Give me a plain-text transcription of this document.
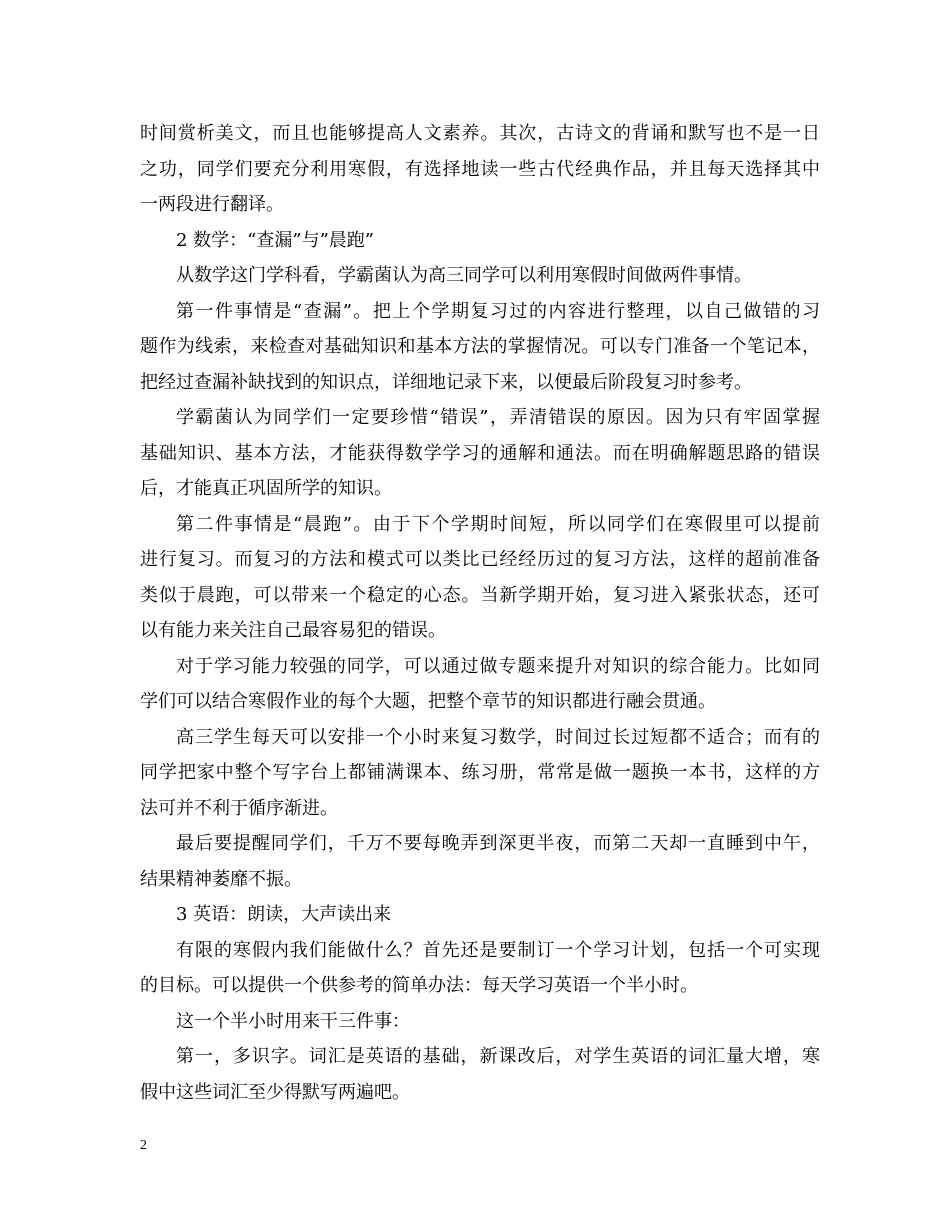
时间赏析美文，而且也能够提高人文素养。其次，古诗文的背诵和默写也不是一日
之功，同学们要充分利用寒假，有选择地读一些古代经典作品，并且每天选择其中
一两段进行翻译。
2 数学：“查漏”与”晨跑”
从数学这门学科看，学霸菌认为高三同学可以利用寒假时间做两件事情。
第一件事情是“查漏”。把上个学期复习过的内容进行整理，以自己做错的习
题作为线索，来检查对基础知识和基本方法的掌握情况。可以专门准备一个笔记本，
把经过查漏补缺找到的知识点，详细地记录下来，以便最后阶段复习时参考。
学霸菌认为同学们一定要珍惜“错误”，弄清错误的原因。因为只有牢固掌握
基础知识、基本方法，才能获得数学学习的通解和通法。而在明确解题思路的错误
后，才能真正巩固所学的知识。
第二件事情是“晨跑”。由于下个学期时间短，所以同学们在寒假里可以提前
进行复习。而复习的方法和模式可以类比已经经历过的复习方法，这样的超前准备
类似于晨跑，可以带来一个稳定的心态。当新学期开始，复习进入紧张状态，还可
以有能力来关注自己最容易犯的错误。
对于学习能力较强的同学，可以通过做专题来提升对知识的综合能力。比如同
学们可以结合寒假作业的每个大题，把整个章节的知识都进行融会贯通。
高三学生每天可以安排一个小时来复习数学，时间过长过短都不适合；而有的
同学把家中整个写字台上都铺满课本、练习册，常常是做一题换一本书，这样的方
法可并不利于循序渐进。
最后要提醒同学们，千万不要每晚弄到深更半夜，而第二天却一直睡到中午，
结果精神萎靡不振。
3 英语：朗读，大声读出来
有限的寒假内我们能做什么？首先还是要制订一个学习计划，包括一个可实现
的目标。可以提供一个供参考的简单办法：每天学习英语一个半小时。
这一个半小时用来干三件事：
第一，多识字。词汇是英语的基础，新课改后，对学生英语的词汇量大增，寒
假中这些词汇至少得默写两遍吧。
2
